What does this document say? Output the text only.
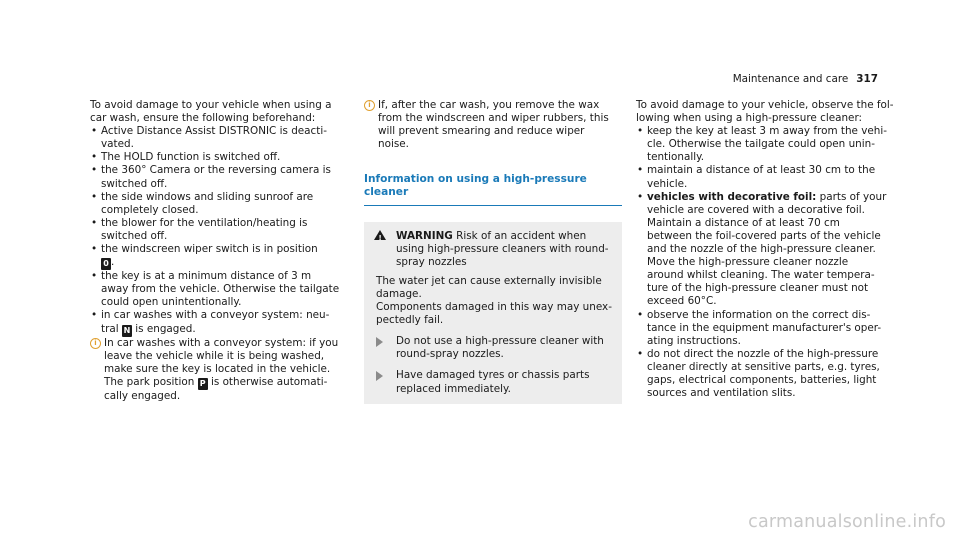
Maintenance and care 317

To avoid damage to your vehicle when using a
car wash, ensure the following beforehand:

• Active Distance Assist DISTRONIC is deacti-
vated.
• The HOLD function is switched off.
• the 360° Camera or the reversing camera is
switched off.
• the side windows and sliding sunroof are
completely closed.
• the blower for the ventilation/heating is
switched off.
• the windscreen wiper switch is in position
0 .
• the key is at a minimum distance of 3 m
away from the vehicle. Otherwise the tailgate
could open unintentionally.
• in car washes with a conveyor system: neu-
tral N is engaged.
i In car washes with a conveyor system: if you
leave the vehicle while it is being washed,
make sure the key is located in the vehicle.
The park position P is otherwise automati-
cally engaged.
i If, after the car wash, you remove the wax
from the windscreen and wiper rubbers, this
will prevent smearing and reduce wiper
noise.
Information on using a high-pressure cleaner
!
WARNING Risk of an accident when
using high-pressure cleaners with round-
spray nozzles

The water jet can cause externally invisible
damage.

Components damaged in this way may unex-
pectedly fail.

Do not use a high-pressure cleaner with
round-spray nozzles.
Have damaged tyres or chassis parts
replaced immediately.

To avoid damage to your vehicle, observe the fol-
lowing when using a high-pressure cleaner:

• keep the key at least 3 m away from the vehi-
cle. Otherwise the tailgate could open unin-
tentionally.
• maintain a distance of at least 30 cm to the
vehicle.
• vehicles with decorative foil: parts of your
vehicle are covered with a decorative foil.
Maintain a distance of at least 70 cm
between the foil-covered parts of the vehicle
and the nozzle of the high-pressure cleaner.
Move the high-pressure cleaner nozzle
around whilst cleaning. The water tempera-
ture of the high-pressure cleaner must not
exceed 60°C.
• observe the information on the correct dis-
tance in the equipment manufacturer's oper-
ating instructions.
• do not direct the nozzle of the high-pressure
cleaner directly at sensitive parts, e.g. tyres,
gaps, electrical components, batteries, light
sources and ventilation slits.
carmanualsonline.info
